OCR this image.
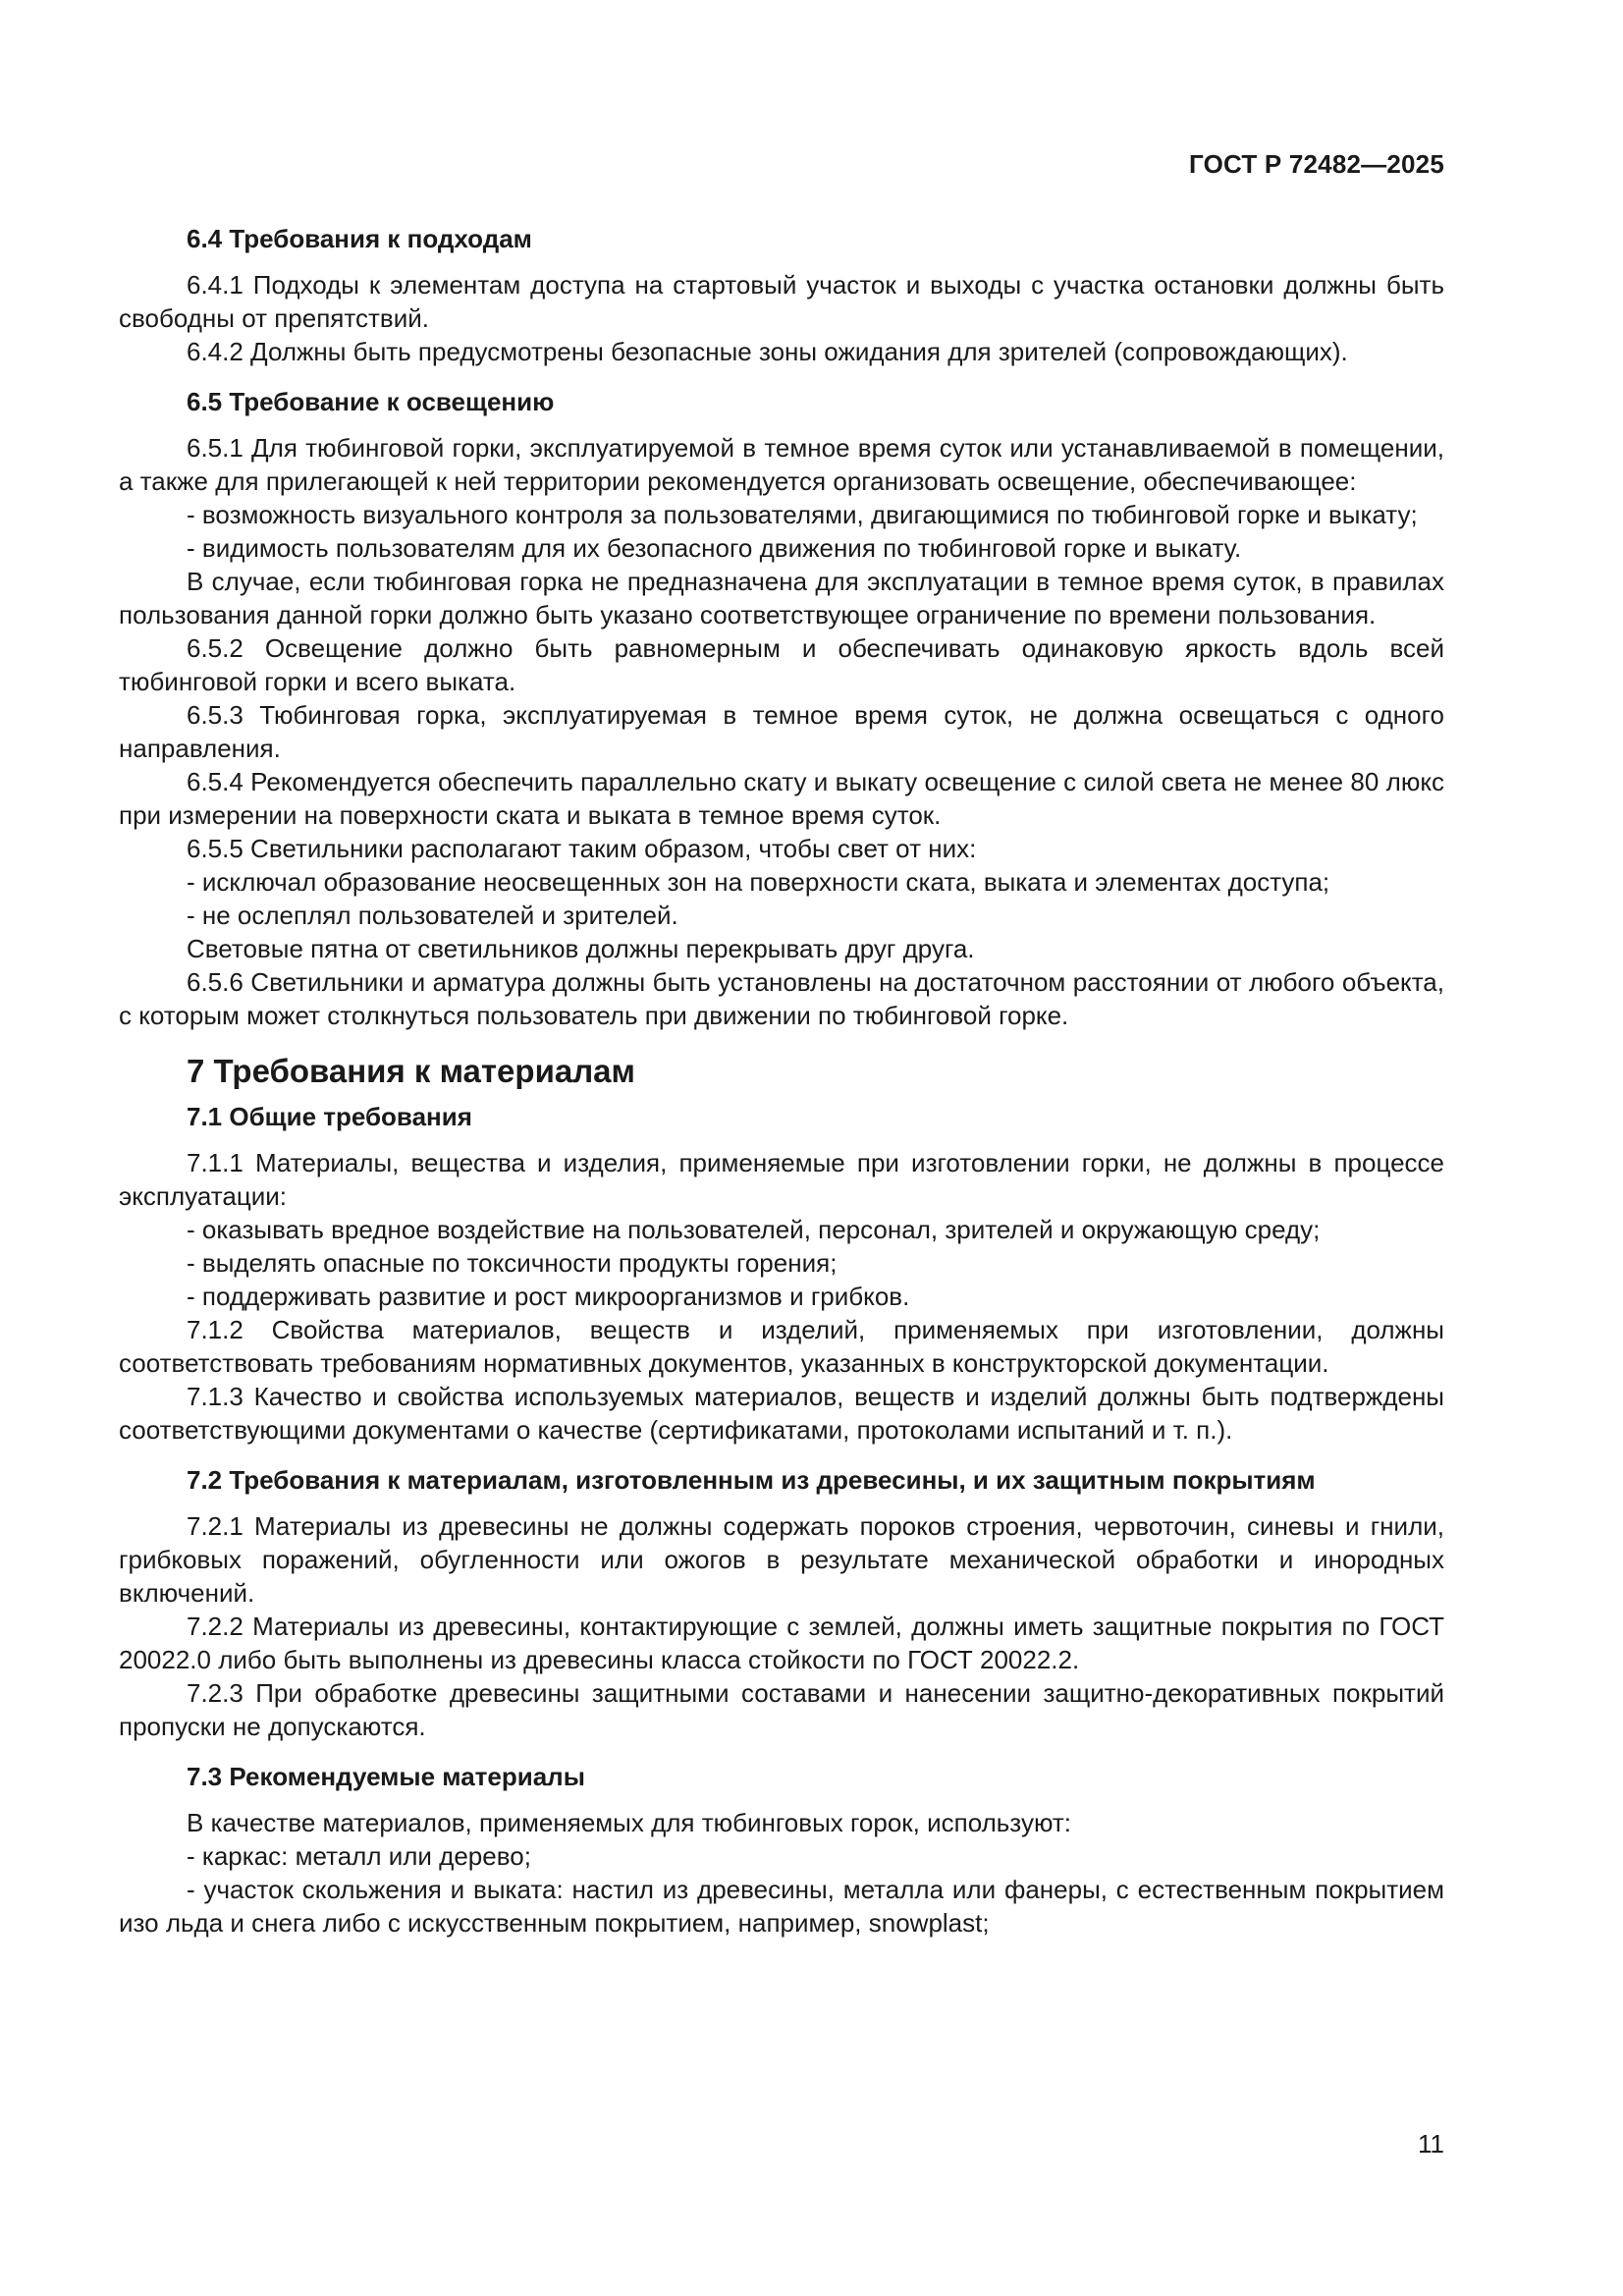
ГОСТ Р 72482—2025
6.4 Требования к подходам

6.4.1 Подходы к элементам доступа на стартовый участок и выходы с участка остановки должны быть свободны от препятствий.

6.4.2 Должны быть предусмотрены безопасные зоны ожидания для зрителей (сопровождающих).

6.5 Требование к освещению

6.5.1 Для тюбинговой горки, эксплуатируемой в темное время суток или устанавливаемой в помещении, а также для прилегающей к ней территории рекомендуется организовать освещение, обеспечивающее:

- возможность визуального контроля за пользователями, двигающимися по тюбинговой горке и выкату;

- видимость пользователям для их безопасного движения по тюбинговой горке и выкату.

В случае, если тюбинговая горка не предназначена для эксплуатации в темное время суток, в правилах пользования данной горки должно быть указано соответствующее ограничение по времени пользования.

6.5.2 Освещение должно быть равномерным и обеспечивать одинаковую яркость вдоль всей тюбинговой горки и всего выката.

6.5.3 Тюбинговая горка, эксплуатируемая в темное время суток, не должна освещаться с одного направления.

6.5.4 Рекомендуется обеспечить параллельно скату и выкату освещение с силой света не менее 80 люкс при измерении на поверхности ската и выката в темное время суток.

6.5.5 Светильники располагают таким образом, чтобы свет от них:

- исключал образование неосвещенных зон на поверхности ската, выката и элементах доступа;

- не ослеплял пользователей и зрителей.

Световые пятна от светильников должны перекрывать друг друга.

6.5.6 Светильники и арматура должны быть установлены на достаточном расстоянии от любого объекта, с которым может столкнуться пользователь при движении по тюбинговой горке.

7 Требования к материалам
7.1 Общие требования

7.1.1 Материалы, вещества и изделия, применяемые при изготовлении горки, не должны в процессе эксплуатации:

- оказывать вредное воздействие на пользователей, персонал, зрителей и окружающую среду;

- выделять опасные по токсичности продукты горения;

- поддерживать развитие и рост микроорганизмов и грибков.

7.1.2 Свойства материалов, веществ и изделий, применяемых при изготовлении, должны соответствовать требованиям нормативных документов, указанных в конструкторской документации.

7.1.3 Качество и свойства используемых материалов, веществ и изделий должны быть подтверждены соответствующими документами о качестве (сертификатами, протоколами испытаний и т. п.).

7.2 Требования к материалам, изготовленным из древесины, и их защитным покрытиям

7.2.1 Материалы из древесины не должны содержать пороков строения, червоточин, синевы и гнили, грибковых поражений, обугленности или ожогов в результате механической обработки и инородных включений.

7.2.2 Материалы из древесины, контактирующие с землей, должны иметь защитные покрытия по ГОСТ 20022.0 либо быть выполнены из древесины класса стойкости по ГОСТ 20022.2.

7.2.3 При обработке древесины защитными составами и нанесении защитно-декоративных покрытий пропуски не допускаются.

7.3 Рекомендуемые материалы

В качестве материалов, применяемых для тюбинговых горок, используют:

- каркас: металл или дерево;

- участок скольжения и выката: настил из древесины, металла или фанеры, с естественным покрытием изо льда и снега либо с искусственным покрытием, например, snowplast;

11
